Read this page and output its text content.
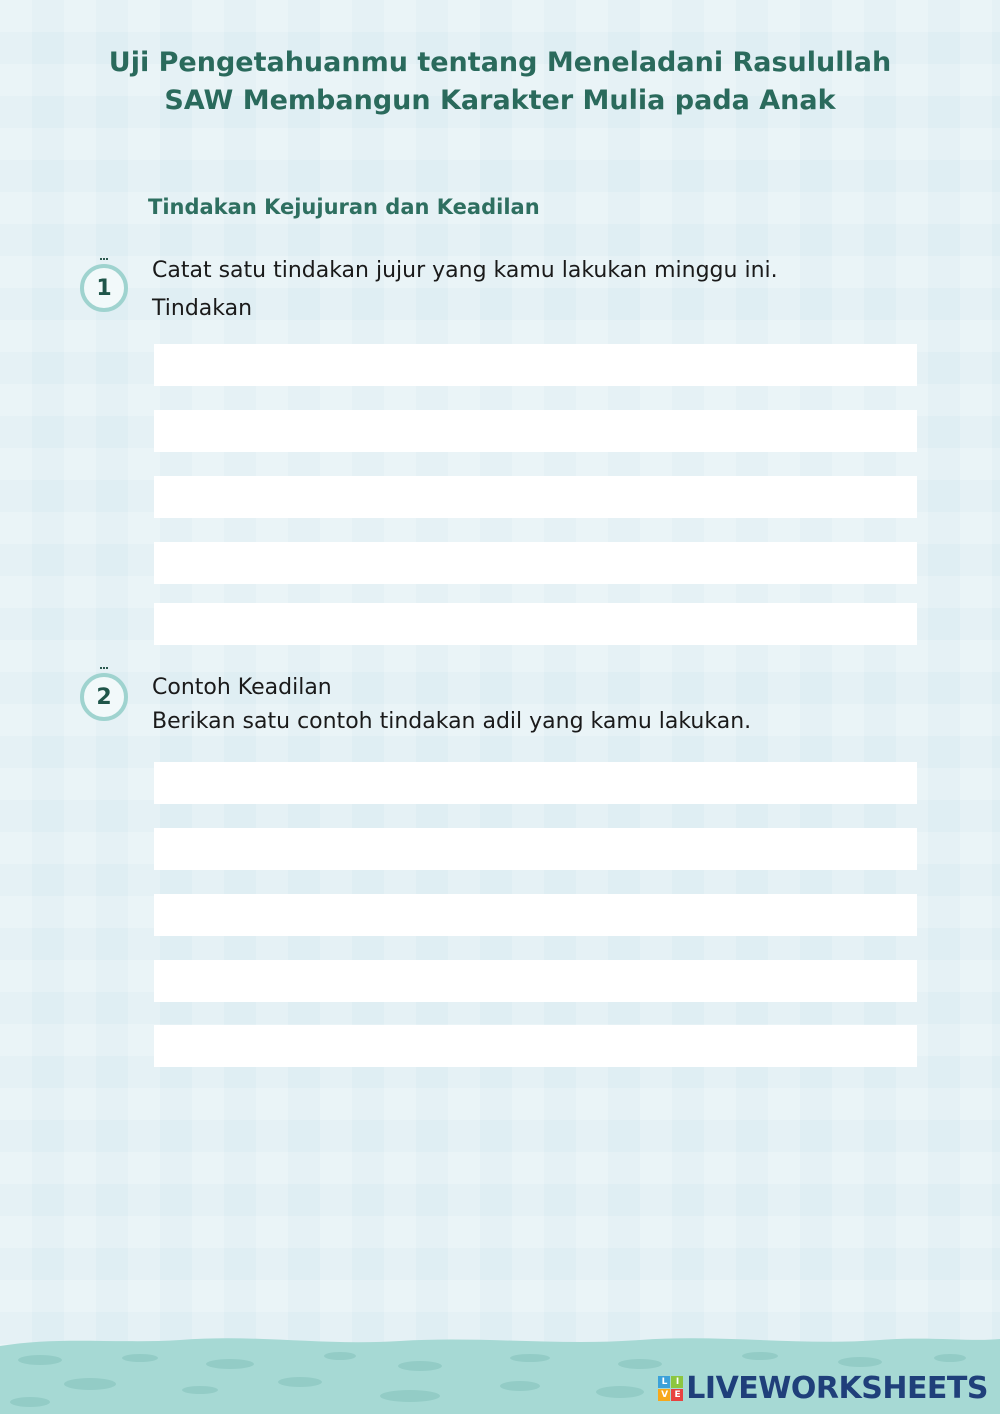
Uji Pengetahuanmu tentang Meneladani Rasulullah
SAW Membangun Karakter Mulia pada Anak
Tindakan Kejujuran dan Keadilan
1
Catat satu tindakan jujur yang kamu lakukan minggu ini.
Tindakan
2 Contoh Keadilan
Berikan satu contoh tindakan adil yang kamu lakukan.
L I
V E LIVEWORKSHEETS
